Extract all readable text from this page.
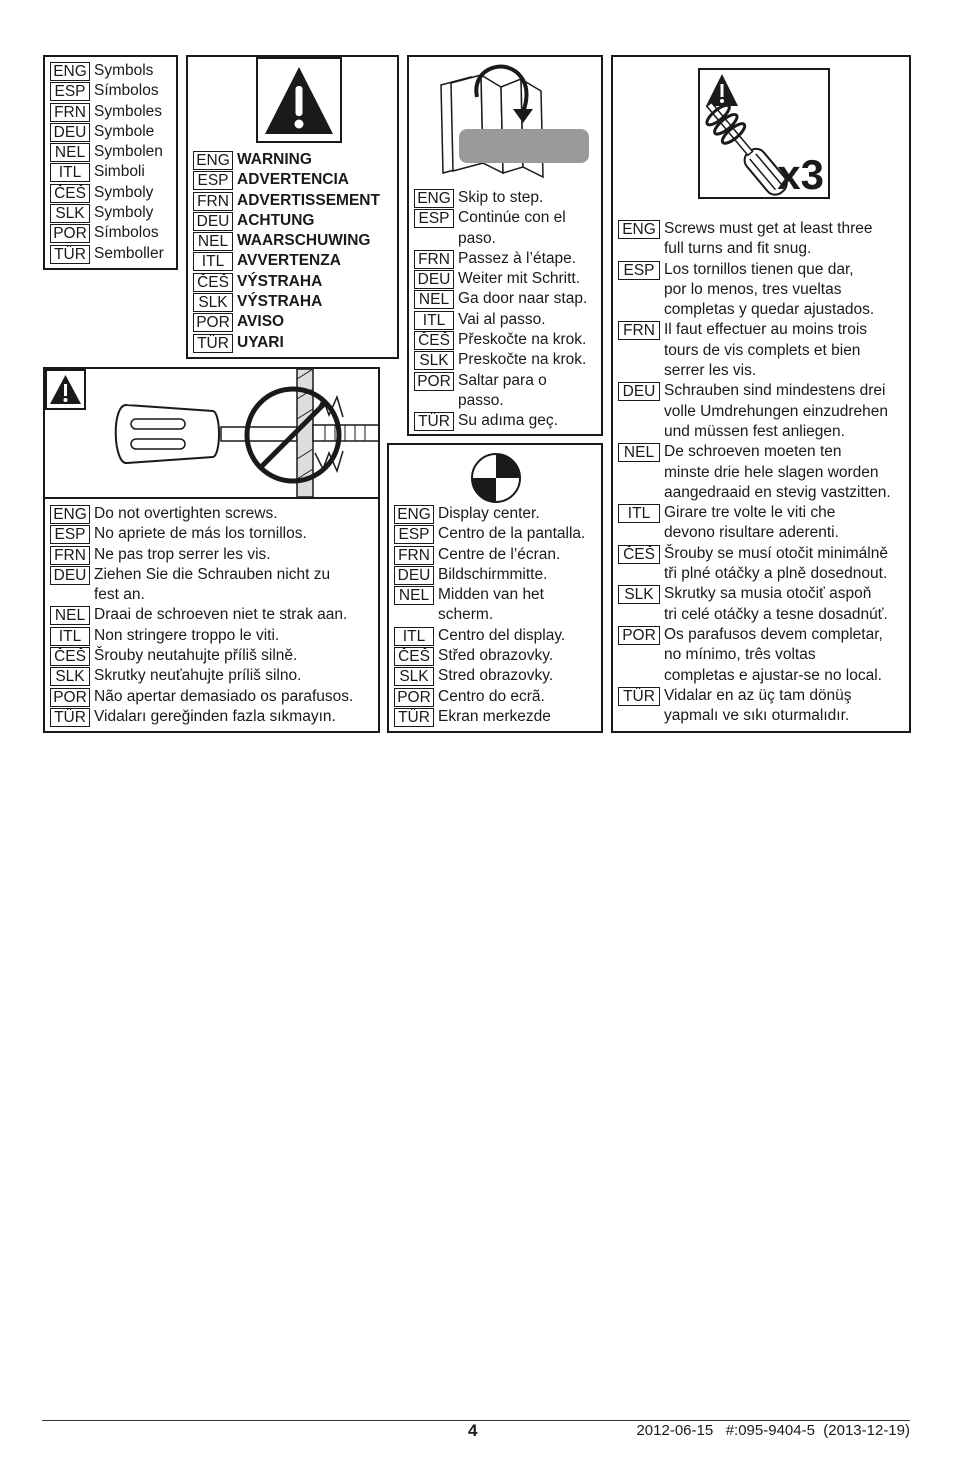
ENG Symbols
ESP Símbolos
FRN Symboles
DEU Symbole
NEL Symbolen
ITL Simboli
ČEŠ Symboly
SLK Symboly
POR Símbolos
TÜR Semboller
ENG WARNING
ESP ADVERTENCIA
FRN ADVERTISSEMENT
DEU ACHTUNG
NEL WAARSCHUWING
ITL AVVERTENZA
ČEŠ VÝSTRAHA
SLK VÝSTRAHA
POR AVISO
TÜR UYARI
ENG Skip to step.
ESP Continúe con el
paso.
FRN Passez à l’étape.
DEU Weiter mit Schritt.
NEL Ga door naar stap.
ITL Vai al passo.
ČEŠ Přeskočte na krok.
SLK Preskočte na krok.
POR Saltar para o
passo.
TÜR Su adıma geç.
x3
ENG Screws must get at least three
full turns and fit snug.
ESP Los tornillos tienen que dar,
por lo menos, tres vueltas
completas y quedar ajustados.
FRN Il faut effectuer au moins trois
tours de vis complets et bien
serrer les vis.
DEU Schrauben sind mindestens drei
volle Umdrehungen einzudrehen
und müssen fest anliegen.
NEL De schroeven moeten ten
minste drie hele slagen worden
aangedraaid en stevig vastzitten.
ITL Girare tre volte le viti che
devono risultare aderenti.
ČEŠ Šrouby se musí otočit minimálně
tři plné otáčky a plně dosednout.
SLK Skrutky sa musia otočiť aspoň
tri celé otáčky a tesne dosadnúť.
POR Os parafusos devem completar,
no mínimo, três voltas
completas e ajustar-se no local.
TÜR Vidalar en az üç tam dönüş
yapmalı ve sıkı oturmalıdır.
ENG Do not overtighten screws.
ESP No apriete de más los tornillos.
FRN Ne pas trop serrer les vis.
DEU Ziehen Sie die Schrauben nicht zu
fest an.
NEL Draai de schroeven niet te strak aan.
ITL Non stringere troppo le viti.
ČEŠ Šrouby neutahujte příliš silně.
SLK Skrutky neuťahujte príliš silno.
POR Não apertar demasiado os parafusos.
TÜR Vidaları gereğinden fazla sıkmayın.
ENG Display center.
ESP Centro de la pantalla.
FRN Centre de l’écran.
DEU Bildschirmmitte.
NEL Midden van het
scherm.
ITL Centro del display.
ČEŠ Střed obrazovky.
SLK Stred obrazovky.
POR Centro do ecrã.
TÜR Ekran merkezde
4	2012-06-15   #:095-9404-5  (2013-12-19)
